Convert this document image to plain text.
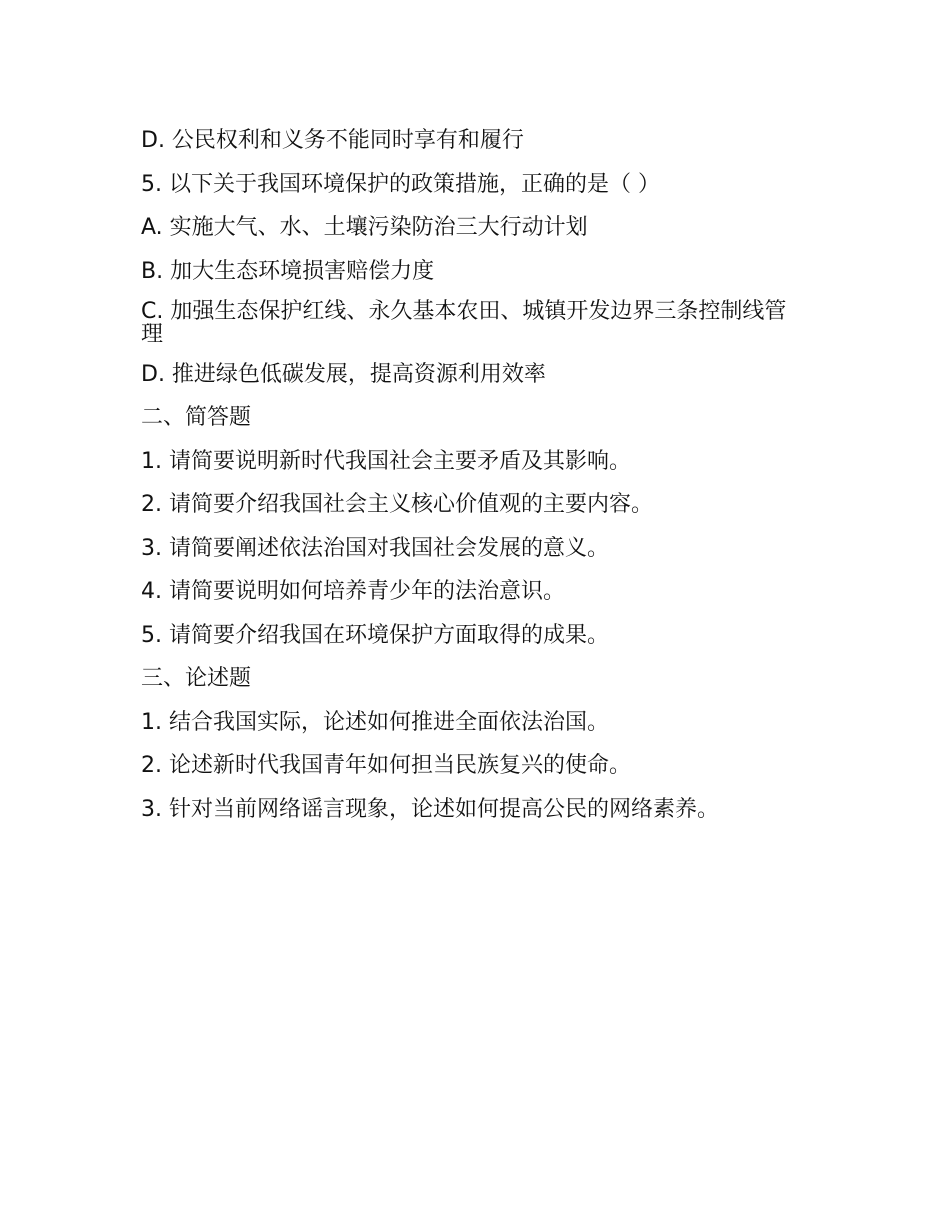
D. 公民权利和义务不能同时享有和履行

5. 以下关于我国环境保护的政策措施，正确的是（ ）

A. 实施大气、水、土壤污染防治三大行动计划

B. 加大生态环境损害赔偿力度

C. 加强生态保护红线、永久基本农田、城镇开发边界三条控制线管理

D. 推进绿色低碳发展，提高资源利用效率

二、简答题

1. 请简要说明新时代我国社会主要矛盾及其影响。

2. 请简要介绍我国社会主义核心价值观的主要内容。

3. 请简要阐述依法治国对我国社会发展的意义。

4. 请简要说明如何培养青少年的法治意识。

5. 请简要介绍我国在环境保护方面取得的成果。

三、论述题

1. 结合我国实际，论述如何推进全面依法治国。

2. 论述新时代我国青年如何担当民族复兴的使命。

3. 针对当前网络谣言现象，论述如何提高公民的网络素养。
